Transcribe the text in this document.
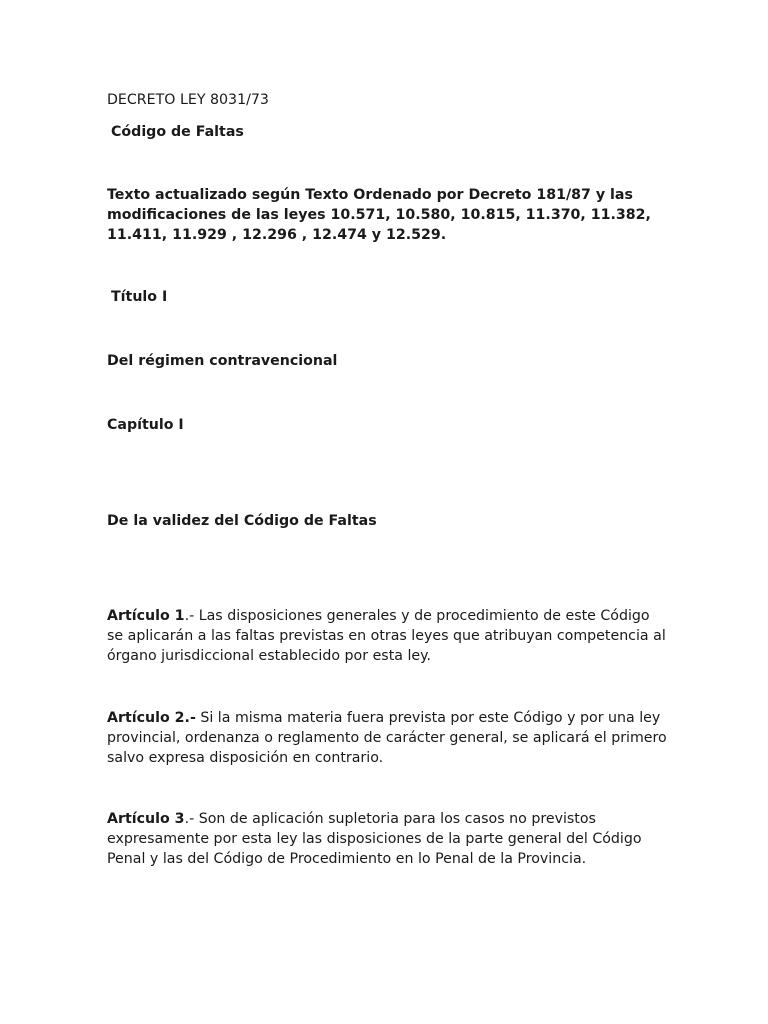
DECRETO LEY 8031/73

Código de Faltas

Texto actualizado según Texto Ordenado por Decreto 181/87 y las modificaciones de las leyes 10.571, 10.580, 10.815, 11.370, 11.382, 11.411, 11.929 , 12.296 , 12.474 y 12.529.

Título I

Del régimen contravencional

Capítulo I

De la validez del Código de Faltas

Artículo 1.- Las disposiciones generales y de procedimiento de este Código se aplicarán a las faltas previstas en otras leyes que atribuyan competencia al órgano jurisdiccional establecido por esta ley.

Artículo 2.- Si la misma materia fuera prevista por este Código y por una ley provincial, ordenanza o reglamento de carácter general, se aplicará el primero salvo expresa disposición en contrario.

Artículo 3.- Son de aplicación supletoria para los casos no previstos expresamente por esta ley las disposiciones de la parte general del Código Penal y las del Código de Procedimiento en lo Penal de la Provincia.
